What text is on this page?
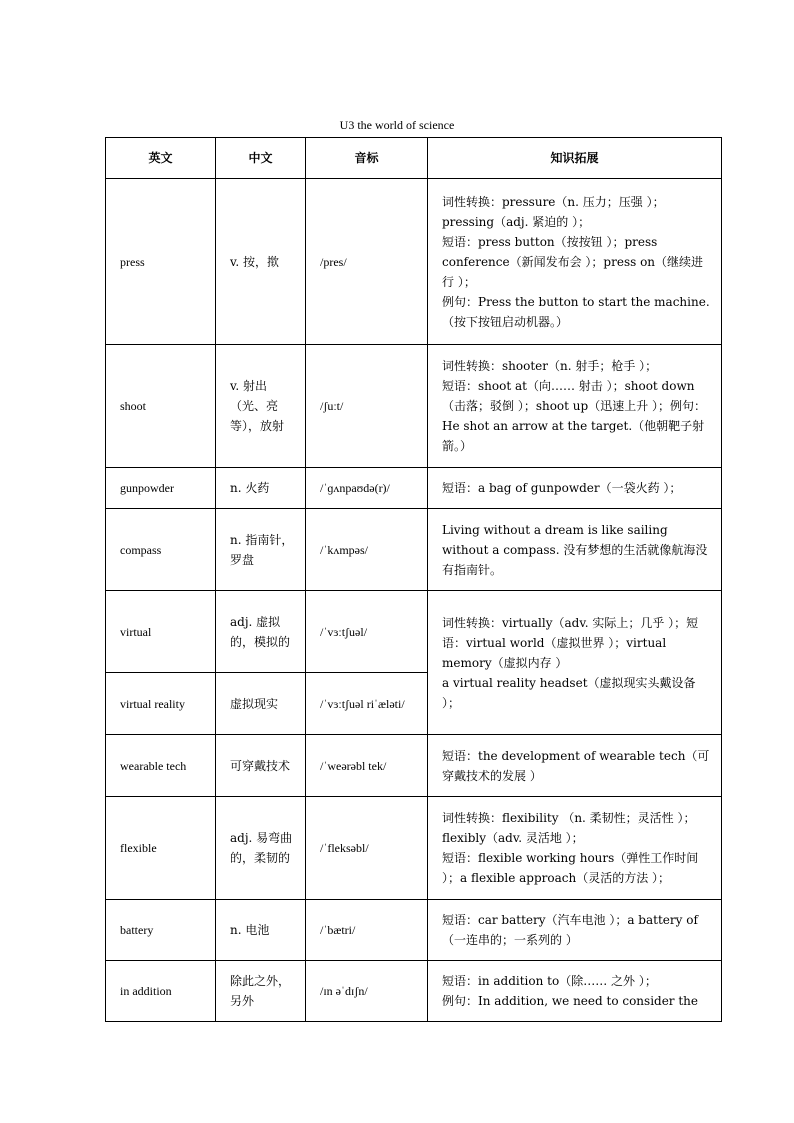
U3 the world of science
英文	中文	音标	知识拓展
press	v. 按，揿	/pres/	词性转换：pressure（n. 压力；压强 ）；
pressing（adj. 紧迫的 ）；
短语：press button（按按钮 ）；press conference（新闻发布会 ）；press on（继续进行 ）；
例句：Press the button to start the machine.（按下按钮启动机器。）

shoot	v. 射出（光、亮等），放射	/ʃuːt/	词性转换：shooter（n. 射手；枪手 ）；
短语：shoot at（向…… 射击 ）；shoot down（击落；驳倒 ）；shoot up（迅速上升 ）；例句：He shot an arrow at the target.（他朝靶子射箭。）

gunpowder	n. 火药	/ˈɡʌnpaʊdə(r)/	短语：a bag of gunpowder（一袋火药 ）；

compass	n. 指南针，罗盘	/ˈkʌmpəs/	Living without a dream is like sailing without a compass. 没有梦想的生活就像航海没有指南针。

virtual	adj. 虚拟的，模拟的	/ˈvɜːtʃuəl/	词性转换：virtually（adv. 实际上；几乎 ）；短语：virtual world（虚拟世界 ）；virtual memory（虚拟内存 ）
a virtual reality headset（虚拟现实头戴设备 ）；

virtual reality	虚拟现实	/ˈvɜːtʃuəl riˈæləti/	
wearable tech	可穿戴技术	/ˈweərəbl tek/	短语：the development of wearable tech（可穿戴技术的发展 ）

flexible	adj. 易弯曲的，柔韧的	/ˈfleksəbl/	词性转换：flexibility （n. 柔韧性；灵活性 ）；flexibly（adv. 灵活地 ）；
短语：flexible working hours（弹性工作时间 ）；a flexible approach（灵活的方法 ）；

battery	n. 电池	/ˈbætri/	短语：car battery（汽车电池 ）；a battery of（一连串的；一系列的 ）

in addition	除此之外，另外	/ɪn əˈdɪʃn/	短语：in addition to（除…… 之外 ）；
例句：In addition, we need to consider the
